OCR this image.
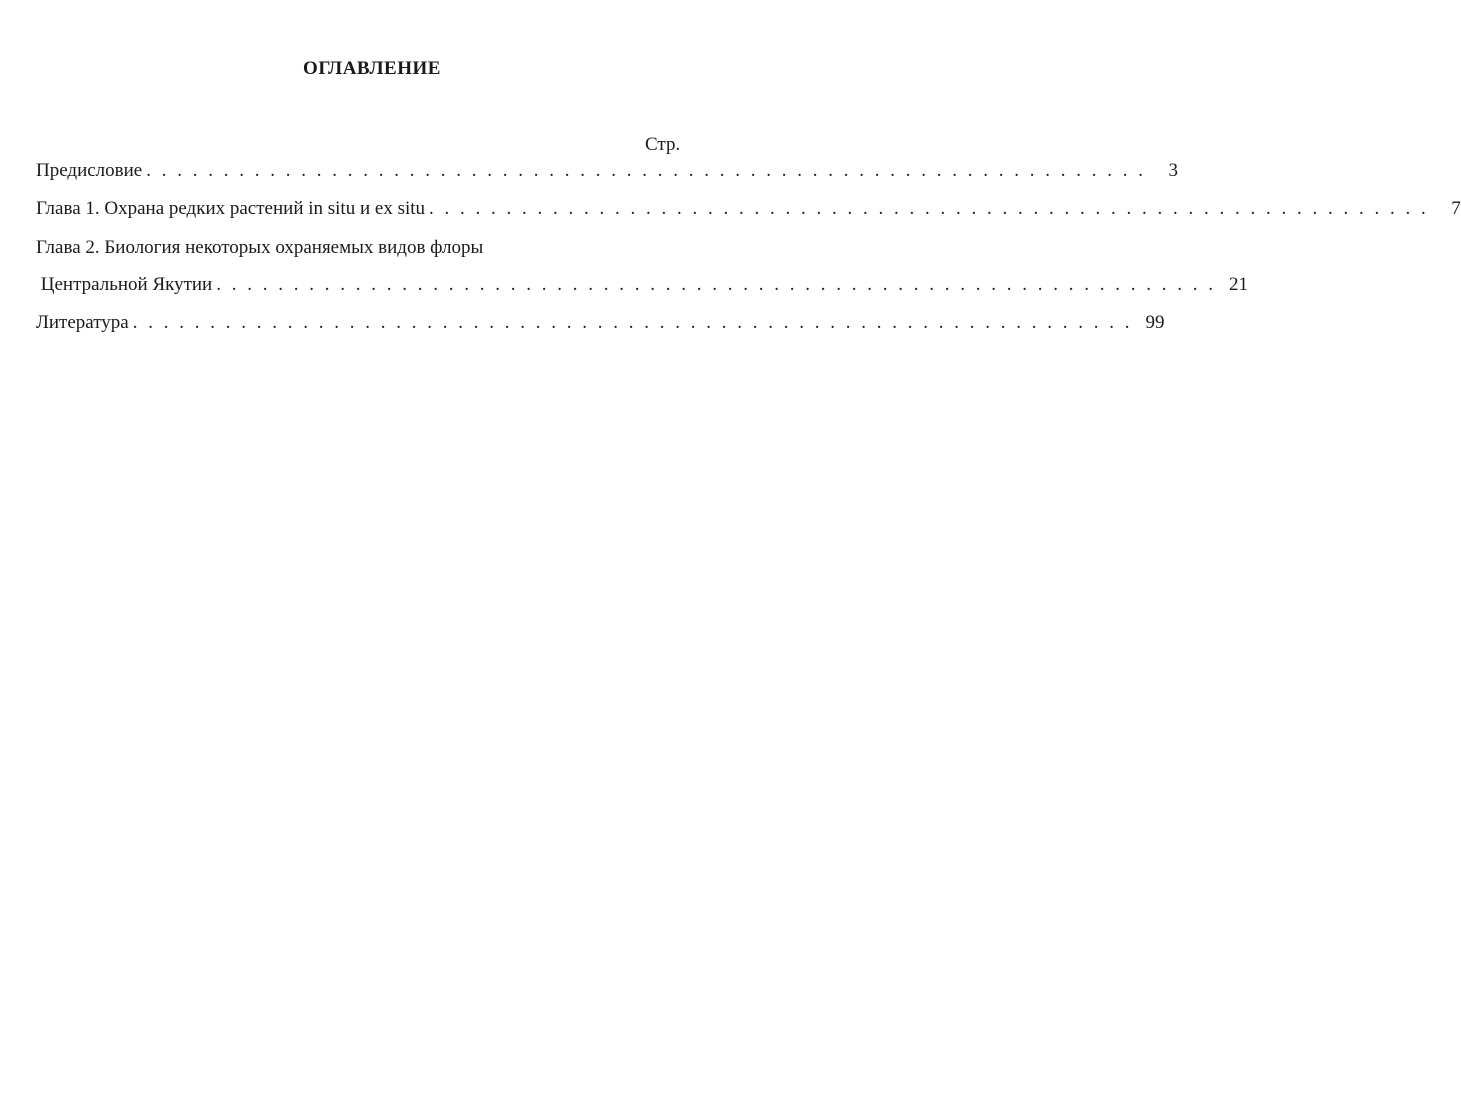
ОГЛАВЛЕНИЕ
Стр.
Предисловие . . . . . . . . . . . . . . . . . . . . . . . . . . . . . . . . . . . . . . . . . . . . . . . . . . . . . . . . . . . . . . . . .	3
Глава 1. Охрана редких растений in situ и ex situ . . . . . . . . . . . . . . . . . . . . . . . . . . . . . . . . . . . . . . . . . . . . . . . . . . . . . . . . . . . . . . . . .	7
Глава 2. Биология некоторых охраняемых видов флоры
Центральной Якутии . . . . . . . . . . . . . . . . . . . . . . . . . . . . . . . . . . . . . . . . . . . . . . . . . . . . . . . . . . . . . . . . . 21
Литература . . . . . . . . . . . . . . . . . . . . . . . . . . . . . . . . . . . . . . . . . . . . . . . . . . . . . . . . . . . . . . . . . 99
